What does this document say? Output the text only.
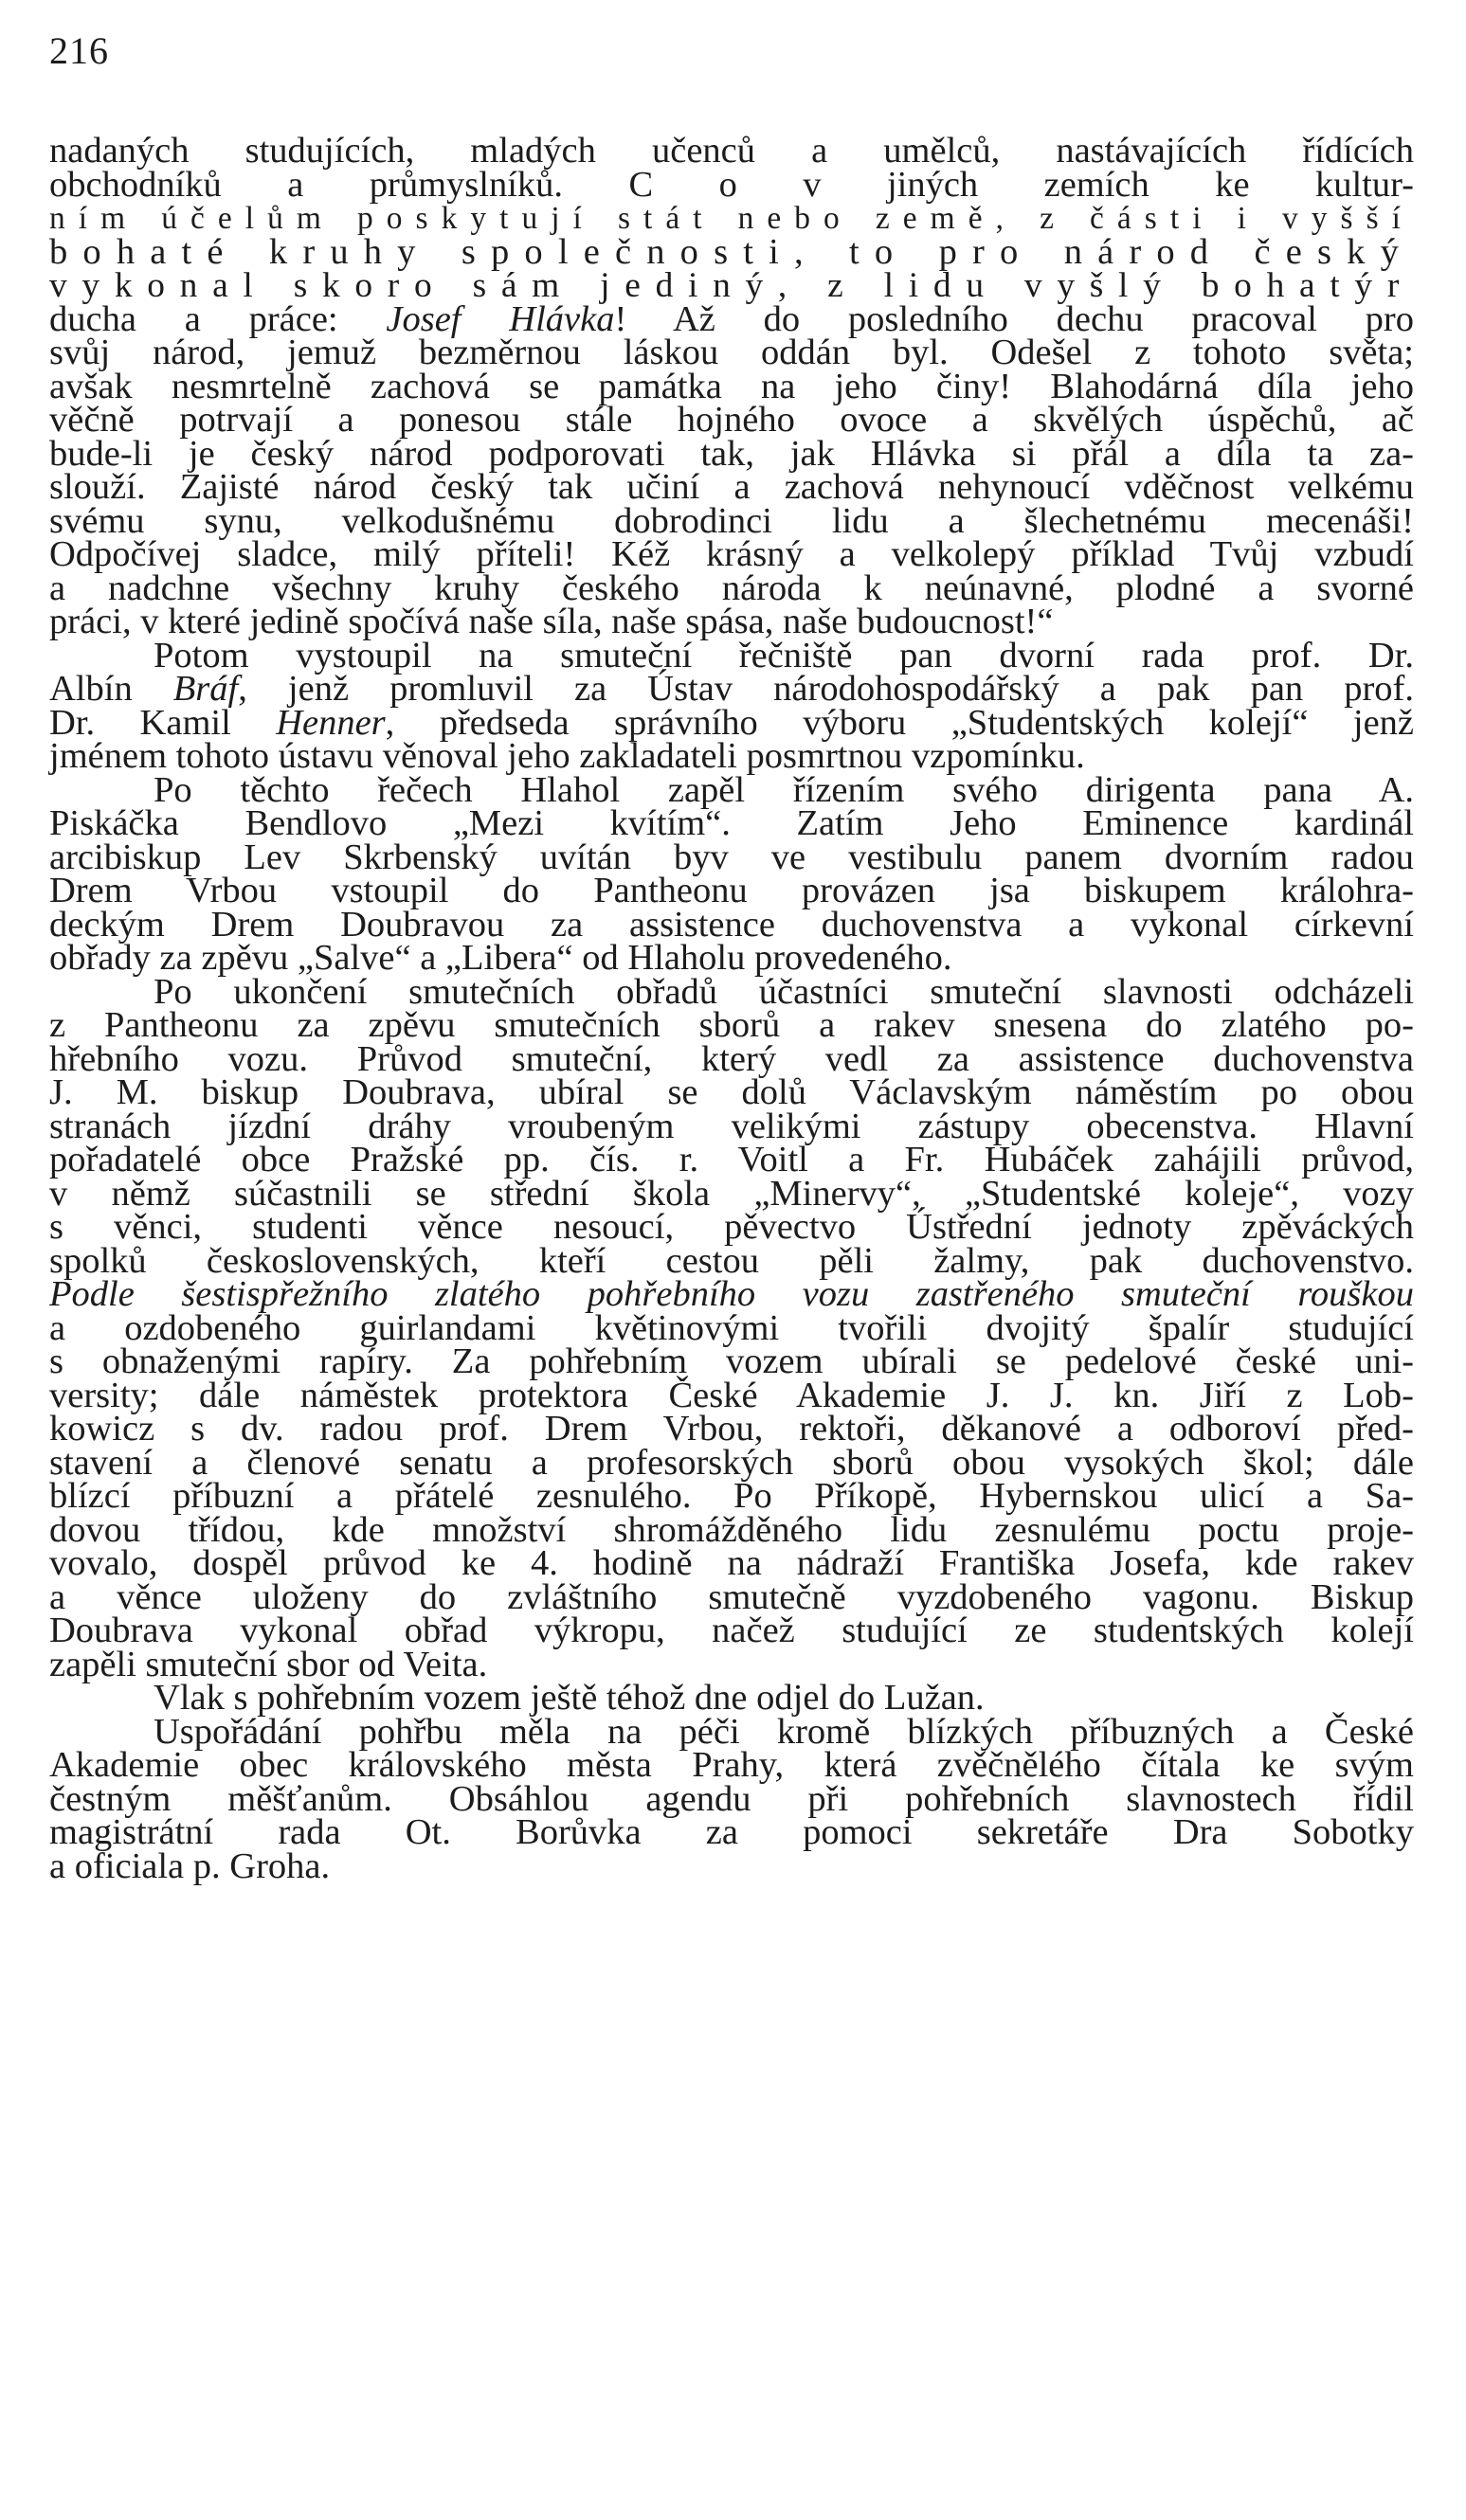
216
nadaných studujících, mladých učenců a umělců, nastávajících řídících
obchodníků a průmyslníků. C o v jiných zemích ke kultur-
ním účelům poskytují stát nebo země, z části i vyšší
bohaté kruhy společnosti, to pro národ český
vykonal skoro sám jediný, z lidu vyšlý bohatýr
ducha a práce: Josef Hlávka! Až do posledního dechu pracoval pro
svůj národ, jemuž bezměrnou láskou oddán byl. Odešel z tohoto světa;
avšak nesmrtelně zachová se památka na jeho činy! Blahodárná díla jeho
věčně potrvají a ponesou stále hojného ovoce a skvělých úspěchů, ač
bude-li je český národ podporovati tak, jak Hlávka si přál a díla ta za-
slouží. Zajisté národ český tak učiní a zachová nehynoucí vděčnost velkému
svému synu, velkodušnému dobrodinci lidu a šlechetnému mecenáši!
Odpočívej sladce, milý příteli! Kéž krásný a velkolepý příklad Tvůj vzbudí
a nadchne všechny kruhy českého národa k neúnavné, plodné a svorné
práci, v které jedině spočívá naše síla, naše spása, naše budoucnost!“
Potom vystoupil na smuteční řečniště pan dvorní rada prof. Dr.
Albín Bráf, jenž promluvil za Ústav národohospodářský a pak pan prof.
Dr. Kamil Henner, předseda správního výboru „Studentských kolejí“ jenž
jménem tohoto ústavu věnoval jeho zakladateli posmrtnou vzpomínku.
Po těchto řečech Hlahol zapěl řízením svého dirigenta pana A.
Piskáčka Bendlovo „Mezi kvítím“. Zatím Jeho Eminence kardinál
arcibiskup Lev Skrbenský uvítán byv ve vestibulu panem dvorním radou
Drem Vrbou vstoupil do Pantheonu provázen jsa biskupem králohra-
deckým Drem Doubravou za assistence duchovenstva a vykonal církevní
obřady za zpěvu „Salve“ a „Libera“ od Hlaholu provedeného.
Po ukončení smutečních obřadů účastníci smuteční slavnosti odcházeli
z Pantheonu za zpěvu smutečních sborů a rakev snesena do zlatého po-
hřebního vozu. Průvod smuteční, který vedl za assistence duchovenstva
J. M. biskup Doubrava, ubíral se dolů Václavským náměstím po obou
stranách jízdní dráhy vroubeným velikými zástupy obecenstva. Hlavní
pořadatelé obce Pražské pp. čís. r. Voitl a Fr. Hubáček zahájili průvod,
v němž súčastnili se střední škola „Minervy“, „Studentské koleje“, vozy
s věnci, studenti věnce nesoucí, pěvectvo Ústřední jednoty zpěváckých
spolků československých, kteří cestou pěli žalmy, pak duchovenstvo.
Podle šestispřežního zlatého pohřebního vozu zastřeného smuteční rouškou
a ozdobeného guirlandami květinovými tvořili dvojitý špalír studující
s obnaženými rapíry. Za pohřebním vozem ubírali se pedelové české uni-
versity; dále náměstek protektora České Akademie J. J. kn. Jiří z Lob-
kowicz s dv. radou prof. Drem Vrbou, rektoři, děkanové a odboroví před-
stavení a členové senatu a profesorských sborů obou vysokých škol; dále
blízcí příbuzní a přátelé zesnulého. Po Příkopě, Hybernskou ulicí a Sa-
dovou třídou, kde množství shromážděného lidu zesnulému poctu proje-
vovalo, dospěl průvod ke 4. hodině na nádraží Františka Josefa, kde rakev
a věnce uloženy do zvláštního smutečně vyzdobeného vagonu. Biskup
Doubrava vykonal obřad výkropu, načež studující ze studentských kolejí
zapěli smuteční sbor od Veita.
Vlak s pohřebním vozem ještě téhož dne odjel do Lužan.
Uspořádání pohřbu měla na péči kromě blízkých příbuzných a České
Akademie obec královského města Prahy, která zvěčnělého čítala ke svým
čestným měšťanům. Obsáhlou agendu při pohřebních slavnostech řídil
magistrátní rada Ot. Borůvka za pomoci sekretáře Dra Sobotky
a oficiala p. Groha.
